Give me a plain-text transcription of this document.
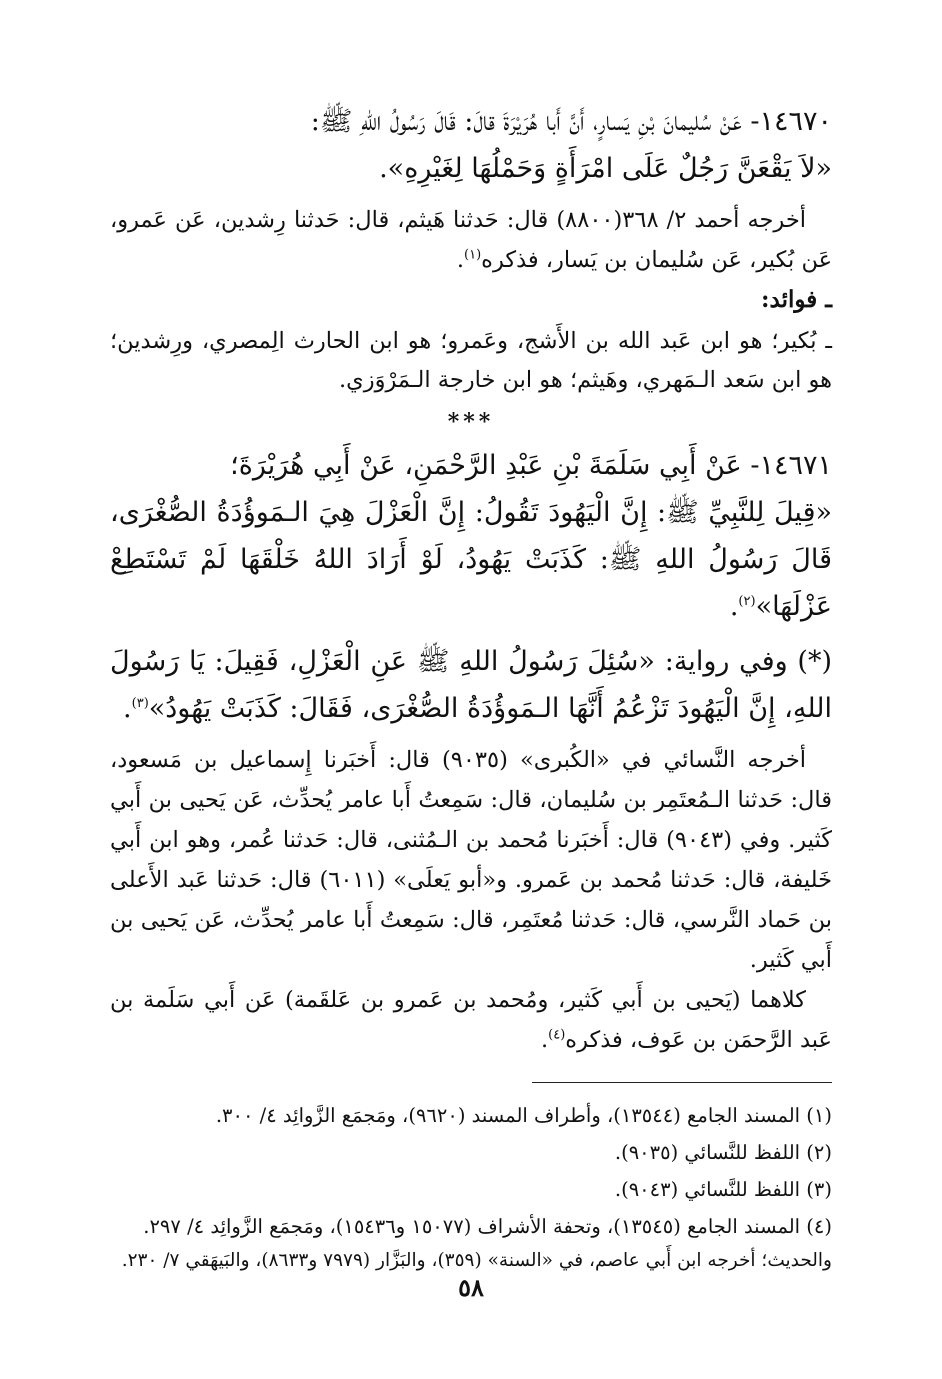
١٤٦٧٠- عَنْ سُليمانَ بْنِ يَسارٍ، أَنَّ أَبا هُرَيْرَةَ قالَ: قَالَ رَسُولُ اللهِ ﷺ:

«لاَ يَقْعَنَّ رَجُلٌ عَلَى امْرَأَةٍ وَحَمْلُهَا لِغَيْرِهِ».

أخرجه أحمد ٢/ ٣٦٨(٨٨٠٠) قال: حَدثنا هَيثم، قال: حَدثنا رِشدين، عَن عَمرو، عَن بُكير، عَن سُليمان بن يَسار، فذكره$^{(١)}$.

ـ فوائد:

ـ بُكير؛ هو ابن عَبد الله بن الأَشج، وعَمرو؛ هو ابن الحارث الِمصري، ورِشدين؛ هو ابن سَعد الـمَهري، وهَيثم؛ هو ابن خارجة الـمَرْوَزي.

***

١٤٦٧١- عَنْ أَبِي سَلَمَةَ بْنِ عَبْدِ الرَّحْمَنِ، عَنْ أَبِي هُرَيْرَةَ؛

«قِيلَ لِلنَّبِيِّ ﷺ: إِنَّ الْيَهُودَ تَقُولُ: إِنَّ الْعَزْلَ هِيَ الـمَوؤُدَةُ الصُّغْرَى، قَالَ رَسُولُ اللهِ ﷺ: كَذَبَتْ يَهُودُ، لَوْ أَرَادَ اللهُ خَلْقَهَا لَمْ تَسْتَطِعْ عَزْلَهَا»$^{(٢)}$.

(*) وفي رواية: «سُئِلَ رَسُولُ اللهِ ﷺ عَنِ الْعَزْلِ، فَقِيلَ: يَا رَسُولَ اللهِ، إِنَّ الْيَهُودَ تَزْعُمُ أَنَّهَا الـمَوؤُدَةُ الصُّغْرَى، فَقَالَ: كَذَبَتْ يَهُودُ»$^{(٣)}$.

أخرجه النَّسائي في «الكُبرى» (٩٠٣٥) قال: أَخبَرنا إِسماعيل بن مَسعود، قال: حَدثنا الـمُعتَمِر بن سُليمان، قال: سَمِعتُ أَبا عامر يُحدِّث، عَن يَحيى بن أَبي كَثير. وفي (٩٠٤٣) قال: أَخبَرنا مُحمد بن الـمُثنى، قال: حَدثنا عُمر، وهو ابن أَبي خَليفة، قال: حَدثنا مُحمد بن عَمرو. و«أبو يَعلَى» (٦٠١١) قال: حَدثنا عَبد الأَعلى بن حَماد النَّرسي، قال: حَدثنا مُعتَمِر، قال: سَمِعتُ أَبا عامر يُحدِّث، عَن يَحيى بن أَبي كَثير.

كلاهما (يَحيى بن أَبي كَثير، ومُحمد بن عَمرو بن عَلقَمة) عَن أَبي سَلَمة بن عَبد الرَّحمَن بن عَوف، فذكره$^{(٤)}$.

(١) المسند الجامع (١٣٥٤٤)، وأطراف المسند (٩٦٢٠)، ومَجمَع الزَّوائِد ٤/ ٣٠٠.

(٢) اللفظ للنَّسائي (٩٠٣٥).

(٣) اللفظ للنَّسائي (٩٠٤٣).

(٤) المسند الجامع (١٣٥٤٥)، وتحفة الأشراف (١٥٠٧٧ و١٥٤٣٦)، ومَجمَع الزَّوائِد ٤/ ٢٩٧.

والحديث؛ أخرجه ابن أَبي عاصم، في «السنة» (٣٥٩)، والبَزَّار (٧٩٧٩ و٨٦٣٣)، والبَيهَقي ٧/ ٢٣٠.

٥٨
